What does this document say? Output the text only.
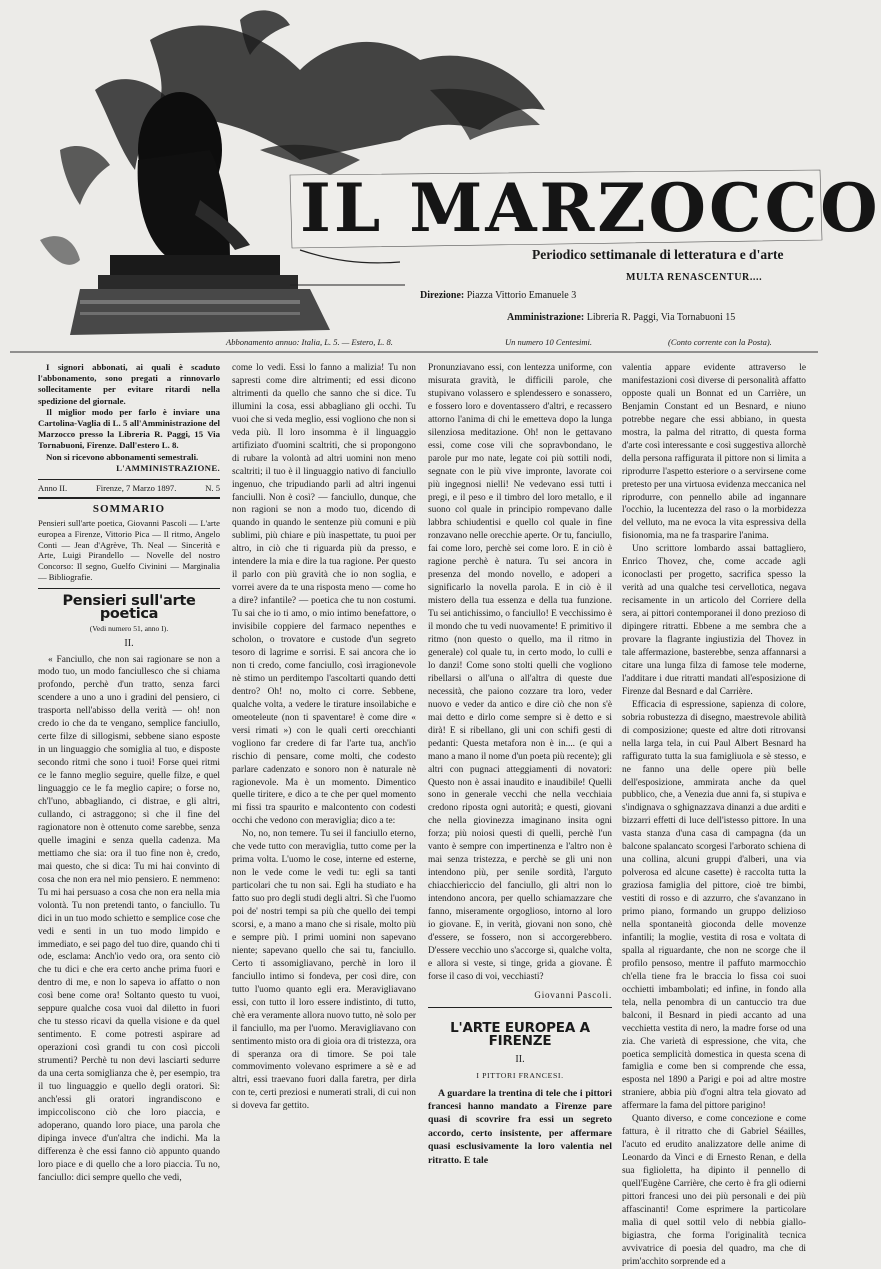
IL MARZOCCO
Periodico settimanale di letteratura e d'arte
MULTA RENASCENTUR....
Direzione: Piazza Vittorio Emanuele 3
Amministrazione: Libreria R. Paggi, Via Tornabuoni 15
Abbonamento annuo: Italia, L. 5. — Estero, L. 8.	Un numero 10 Centesimi.	(Conto corrente con la Posta).

I signori abbonati, ai quali è scaduto l'abbonamento, sono pregati a rinnovarlo sollecitamente per evitare ritardi nella spedizione del giornale.

Il miglior modo per farlo è inviare una Cartolina-Vaglia di L. 5 all'Amministrazione del Marzocco presso la Libreria R. Paggi, 15 Via Tornabuoni, Firenze. Dall'estero L. 8.

Non si ricevono abbonamenti semestrali.

L'AMMINISTRAZIONE.
Anno II.	Firenze, 7 Marzo 1897.	N. 5
SOMMARIO

Pensieri sull'arte poetica, Giovanni Pascoli — L'arte europea a Firenze, Vittorio Pica — Il ritmo, Angelo Conti — Jean d'Agrève, Th. Neal — Sincerità e Arte, Luigi Pirandello — Novelle del nostro Concorso: Il segno, Guelfo Civinini — Marginalia — Bibliografie.

Pensieri sull'arte poetica
(Vedi numero 51, anno I).
II.

« Fanciullo, che non sai ragionare se non a modo tuo, un modo fanciullesco che si chiama profondo, perchè d'un tratto, senza farci scendere a uno a uno i gradini del pensiero, ci trasporta nell'abisso della verità — oh! non credo io che da te vengano, semplice fanciullo, certe filze di sillogismi, sebbene siano esposte in un linguaggio che somiglia al tuo, e disposte secondo ritmi che sono i tuoi! Forse quei ritmi ce le fanno meglio seguire, quelle filze, e quel linguaggio ce le fa meglio capire; o forse no, ch'l'uno, abbagliando, ci distrae, e gli altri, cullando, ci astraggono; sì che il fine del ragionatore non è ottenuto come sarebbe, senza quelle imagini e senza quella cadenza. Ma mettiamo che sia: ora il tuo fine non è, credo, mai questo, che si dica: Tu mi hai convinto di cosa che non era nel mio pensiero. E nemmeno: Tu mi hai persuaso a cosa che non era nella mia volontà. Tu non pretendi tanto, o fanciullo. Tu dici in un tuo modo schietto e semplice cose che vedi e senti in un tuo modo limpido e immediato, e sei pago del tuo dire, quando chi ti ode, esclama: Anch'io vedo ora, ora sento ciò che tu dici e che era certo anche prima fuori e dentro di me, e non lo sapeva io affatto o non così bene come ora! Soltanto questo tu vuoi, seppure qualche cosa vuoi dal diletto in fuori che tu stesso ricavi da quella visione e da quel sentimento. E come potresti aspirare ad operazioni così grandi tu con così piccoli strumenti? Perchè tu non devi lasciarti sedurre da una certa somiglianza che è, per esempio, tra il tuo linguaggio e quello degli oratori. Sì: anch'essi gli oratori ingrandiscono e impiccoliscono ciò che loro piaccia, e adoperano, quando loro piace, una parola che dipinga invece d'un'altra che indichi. Ma la differenza è che essi fanno ciò appunto quando loro piace e di quello che a loro piaccia. Tu no, fanciullo: dici sempre quello che vedi,

come lo vedi. Essi lo fanno a malizia! Tu non sapresti come dire altrimenti; ed essi dicono altrimenti da quello che sanno che si dice. Tu illumini la cosa, essi abbagliano gli occhi. Tu vuoi che si veda meglio, essi vogliono che non si veda più. Il loro insomma è il linguaggio artifiziato d'uomini scaltriti, che si propongono di rubare la volontà ad altri uomini non meno scaltriti; il tuo è il linguaggio nativo di fanciullo ingenuo, che tripudiando parli ad altri ingenui fanciulli. Non è così? — fanciullo, dunque, che non ragioni se non a modo tuo, dicendo di quando in quando le sentenze più comuni e più sublimi, più chiare e più inaspettate, tu puoi per altro, in ciò che ti riguarda più da presso, e intendere la mia e dire la tua ragione. Per questo il parlo con più gravità che io non soglia, e vorrei avere da te una risposta meno — come ho a dire? infantile? — poetica che tu non costumi. Tu sai che io ti amo, o mio intimo benefattore, o invisibile coppiere del farmaco nepenthes e scholon, o trovatore e custode d'un segreto tesoro di lagrime e sorrisi. E sai ancora che io non ti credo, come fanciullo, così irragionevole nè stimo un perditempo l'ascoltarti quando detti dentro? Oh! no, molto ci corre. Sebbene, qualche volta, a vedere le tirature insoìlabiche e omeoteleute (non ti spaventare! è come dire « versi rimati ») con le quali certi orecchianti vogliono far credere di far l'arte tua, anch'io rischio di pensare, come molti, che codesto parlare cadenzato e sonoro non è naturale nè ragionevole. Ma è un momento. Dimentico quelle tiritere, e dico a te che per quel momento mi fissi tra spaurito e malcontento con codesti occhi che vedono con meraviglia; dico a te:

No, no, non temere. Tu sei il fanciullo eterno, che vede tutto con meraviglia, tutto come per la prima volta. L'uomo le cose, interne ed esterne, non le vede come le vedi tu: egli sa tanti particolari che tu non sai. Egli ha studiato e ha fatto suo pro degli studi degli altri. Sì che l'uomo poi de' nostri tempi sa più che quello dei tempi scorsi, e, a mano a mano che si risale, molto più e sempre più. I primi uomini non sapevano niente; sapevano quello che sai tu, fanciullo. Certo ti assomigliavano, perchè in loro il fanciullo intimo si fondeva, per così dire, con tutto l'uomo quanto egli era. Meravigliavano essi, con tutto il loro essere indistinto, di tutto, chè era veramente allora nuovo tutto, nè solo per il fanciullo, ma per l'uomo. Meravigliavano con sentimento misto ora di gioia ora di tristezza, ora di speranza ora di timore. Se poi tale commovimento volevano esprimere a sè e ad altri, essi traevano fuori dalla faretra, per dirla con te, certi preziosi e numerati strali, di cui non si doveva far gettito.

Pronunziavano essi, con lentezza uniforme, con misurata gravità, le difficili parole, che stupivano volassero e splendessero e sonassero, e fossero loro e doventassero d'altri, e recassero attorno l'anima di chi le emetteva dopo la lunga silenziosa meditazione. Oh! non le gettavano essi, come cose vili che sopravbondano, le parole pur mo nate, legate coi più sottili nodi, segnate con le più vive impronte, lavorate coi più ingegnosi nielli! Ne vedevano essi tutti i pregi, e il peso e il timbro del loro metallo, e il suono col quale in principio rompevano dalle labbra schiudentisi e quello col quale in fine ronzavano nelle orecchie aperte. Or tu, fanciullo, fai come loro, perchè sei come loro. E in ciò è ragione perchè è natura. Tu sei ancora in presenza del mondo novello, e adoperi a significarlo la novella parola. E in ciò è il mistero della tua essenza e della tua funzione. Tu sei antichissimo, o fanciullo! E vecchissimo è il mondo che tu vedi nuovamente! E primitivo il ritmo (non questo o quello, ma il ritmo in generale) col quale tu, in certo modo, lo culli e lo danzi! Come sono stolti quelli che vogliono ribellarsi o all'una o all'altra di queste due necessità, che paiono cozzare tra loro, veder nuovo e veder da antico e dire ciò che non s'è mai detto e dirlo come sempre si è detto e si dirà! E si ribellano, gli uni con schifi gesti di pedanti: Questa metafora non è in.... (e qui a mano a mano il nome d'un poeta più recente); gli altri con pugnaci atteggiamenti di novatori: Questo non è assai inaudito e inaudibile! Quelli sono in generale vecchi che nella vecchiaia credono riposta ogni autorità; e questi, giovani che nella giovinezza imaginano insita ogni forza; più noiosi questi di quelli, perchè l'un vanto è sempre con impertinenza e l'altro non è mai senza tristezza, e perchè se gli uni non intendono più, per senile sordità, l'arguto chiacchierìccio del fanciullo, gli altri non lo intendono ancora, per quello schiamazzare che fanno, miseramente orgoglioso, intorno al loro io giovane. E, in verità, giovani non sono, chè d'essere, se fossero, non si accorgerebbero. D'essere vecchio uno s'accorge sì, qualche volta, e allora si veste, si tinge, grida a giovane. È forse il caso di voi, vecchiasti?

Giovanni Pascoli.
L'ARTE EUROPEA A FIRENZE
II.
I PITTORI FRANCESI.

A guardare la trentina di tele che i pittori francesi hanno mandato a Firenze pare quasi di scovrire fra essi un segreto accordo, certo insistente, per affermare quasi esclusivamente la loro valentia nel ritratto. E tale

valentia appare evidente attraverso le manifestazioni così diverse di personalità affatto opposte quali un Bonnat ed un Carrière, un Benjamin Constant ed un Besnard, e niuno potrebbe negare che essi abbiano, in questa mostra, la palma del ritratto, di questa forma d'arte così interessante e così suggestiva allorchè della persona raffigurata il pittore non si limita a riprodurre l'aspetto esteriore o a servirsene come pretesto per una virtuosa evidenza meccanica nel riprodurre, con pennello abile ad ingannare l'occhio, la lucentezza del raso o la morbidezza del velluto, ma ne evoca la vita espressiva della fisionomia, ma ne fa trasparire l'anima.

Uno scrittore lombardo assai battagliero, Enrico Thovez, che, come accade agli iconoclasti per progetto, sacrifica spesso la verità ad una qualche tesi cervellotica, negava recisamente in un articolo del Corriere della sera, ai pittori contemporanei il dono prezioso di dipingere ritratti. Ebbene a me sembra che a provare la flagrante ingiustizia del Thovez in tale affermazione, basterebbe, senza affannarsi a citare una lunga filza di famose tele moderne, l'additare i due ritratti mandati all'esposizione di Firenze dal Besnard e dal Carrière.

Efficacia di espressione, sapienza di colore, sobria robustezza di disegno, maestrevole abilità di composizione; queste ed altre doti ritrovansi nella larga tela, in cui Paul Albert Besnard ha raffigurato tutta la sua famigliuola e sè stesso, e ne fanno una delle opere più belle dell'esposizione, ammirata anche da quel pubblico, che, a Venezia due anni fa, si stupiva e s'indignava o sghignazzava dinanzi a due arditi e bizzarri effetti di luce dell'istesso pittore. In una vasta stanza d'una casa di campagna (da un balcone spalancato scorgesi l'arborato schiena di una collina, alcuni gruppi d'alberi, una via polverosa ed alcune casette) è raccolta tutta la graziosa famiglia del pittore, cioè tre bimbi, vestiti di rosso e di azzurro, che s'avanzano in primo piano, formando un gruppo delizioso nella spontaneità gioconda delle movenze infantili; la moglie, vestita di rosa e voltata di spalla al riguardante, che non ne scorge che il profilo pensoso, mentre il paffuto marmocchio ch'ella tiene fra le braccia lo fissa coi suoi occhietti imbambolati; ed infine, in fondo alla tela, nella penombra di un cantuccio tra due balconi, il Besnard in piedi accanto ad una vecchietta vestita di nero, la madre forse od una zia. Che varietà di espressione, che vita, che poetica semplicità domestica in questa scena di famiglia e come ben si comprende che essa, esposta nel 1890 a Parigi e poi ad altre mostre straniere, abbia più d'ogni altra tela giovato ad affermare la fama del pittore parigino!

Quanto diverso, e come concezione e come fattura, è il ritratto che di Gabriel Séailles, l'acuto ed erudito analizzatore delle anime di Leonardo da Vinci e di Ernesto Renan, e della sua figlioletta, ha dipinto il pennello di quell'Eugène Carrière, che certo è fra gli odierni pittori francesi uno dei più personali e dei più affascinanti! Come esprimere la particolare malìa di quel sottil velo di nebbia giallo-bigiastra, che forma l'originalità tecnica avvivatrice di poesia del quadro, ma che di prim'acchito sorprende ed a
